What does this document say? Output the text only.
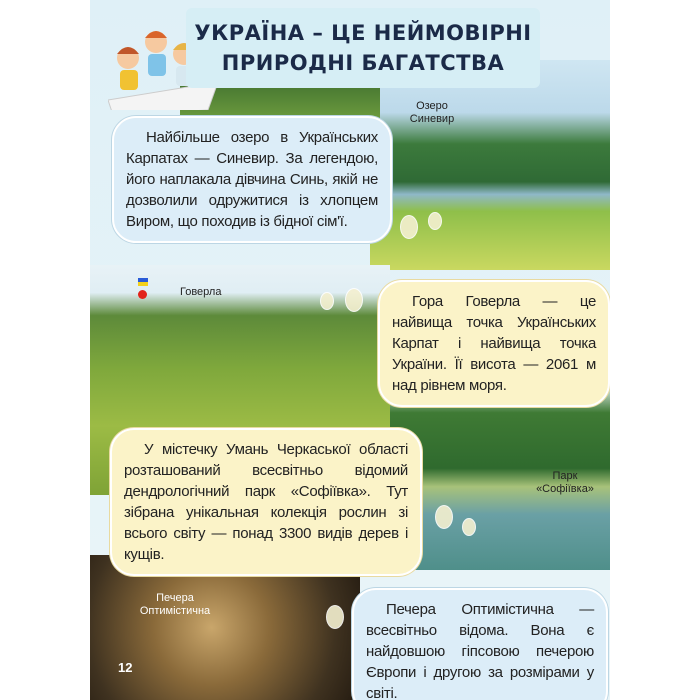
УКРАЇНА – ЦЕ НЕЙМОВІРНІ
ПРИРОДНІ БАГАТСТВА
Озеро Синевир
Говерла
Парк «Софіївка»
Печера Оптимістична

Найбільше озеро в Українських Карпатах — Синевир. За легендою, його наплакала дівчина Синь, якій не дозволили одружитися із хлопцем Виром, що походив із бідної сім'ї.

Гора Говерла — це найвища точка Українських Карпат і найвища точка України. Її висота — 2061 м над рівнем моря.

У містечку Умань Черкаської області розташований всесвітньо відомий дендрологічний парк «Софіївка». Тут зібрана унікальная колекція рослин зі всього світу — понад 3300 видів дерев і кущів.

Печера Оптимістична — всесвітньо відома. Вона є найдовшою гіпсовою печерою Європи і другою за розмірами у світі.

12
